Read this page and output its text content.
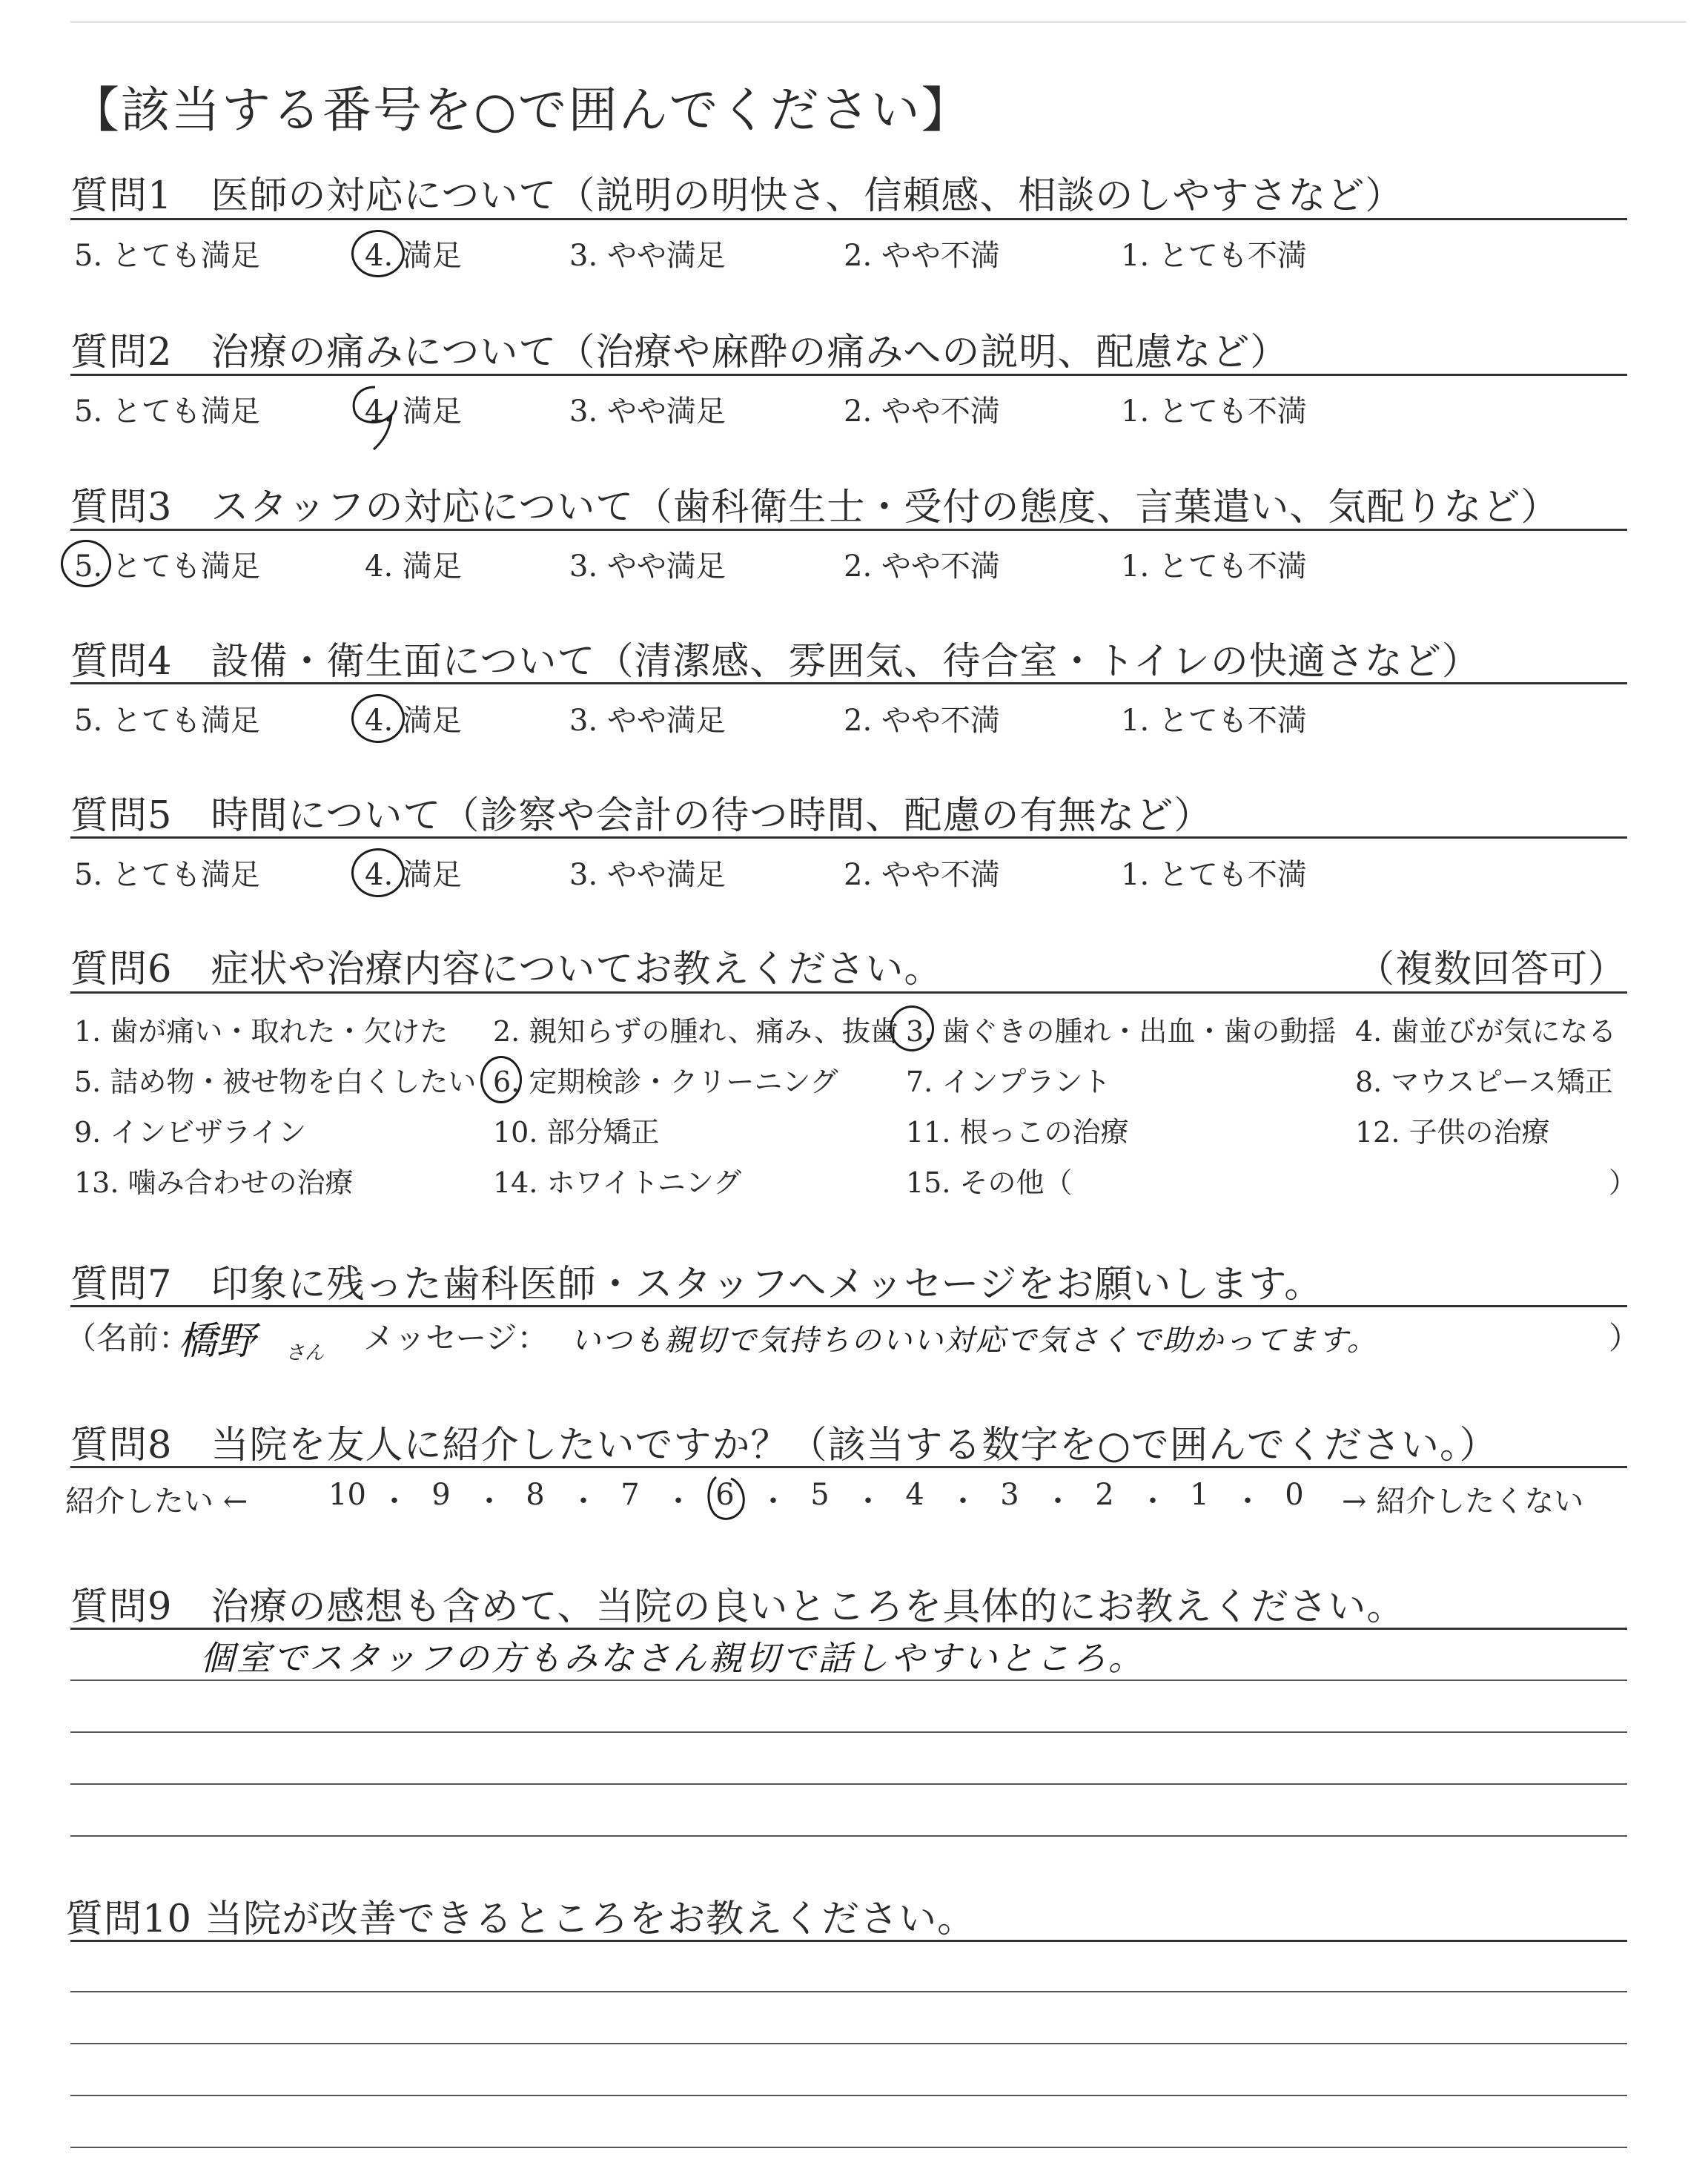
【該当する番号を○で囲んでください】
質問1　医師の対応について（説明の明快さ、信頼感、相談のしやすさなど）
5. とても満足	4. 満足	3. やや満足	2. やや不満	1. とても不満
質問2　治療の痛みについて（治療や麻酔の痛みへの説明、配慮など）
5. とても満足	4. 満足	3. やや満足	2. やや不満	1. とても不満
質問3　スタッフの対応について（歯科衛生士・受付の態度、言葉遣い、気配りなど）
5. とても満足	4. 満足	3. やや満足	2. やや不満	1. とても不満
質問4　設備・衛生面について（清潔感、雰囲気、待合室・トイレの快適さなど）
5. とても満足	4. 満足	3. やや満足	2. やや不満	1. とても不満
質問5　時間について（診察や会計の待つ時間、配慮の有無など）
5. とても満足	4. 満足	3. やや満足	2. やや不満	1. とても不満
質問6　症状や治療内容についてお教えください。	（複数回答可）
1. 歯が痛い・取れた・欠けた 2. 親知らずの腫れ、痛み、抜歯 3. 歯ぐきの腫れ・出血・歯の動揺 4. 歯並びが気になる
5. 詰め物・被せ物を白くしたい 6. 定期検診・クリーニング 7. インプラント	8. マウスピース矯正
9. インビザライン	10. 部分矯正	11. 根っこの治療	12. 子供の治療
13. 噛み合わせの治療	14. ホワイトニング	15. その他（	）
質問7　印象に残った歯科医師・スタッフへメッセージをお願いします。
（名前：
橋野 さん メッセージ： いつも親切で気持ちのいい対応で気さくで助かってます。	）
質問8　当院を友人に紹介したいですか？（該当する数字を○で囲んでください。）
紹介したい ←	→ 紹介したくない
10 9	8	7	6	5	4	3	2	1	0
・ ・ ・ ・ ・ ・ ・ ・ ・ ・
質問9　治療の感想も含めて、当院の良いところを具体的にお教えください。
個室でスタッフの方もみなさん親切で話しやすいところ。
質問10 当院が改善できるところをお教えください。
